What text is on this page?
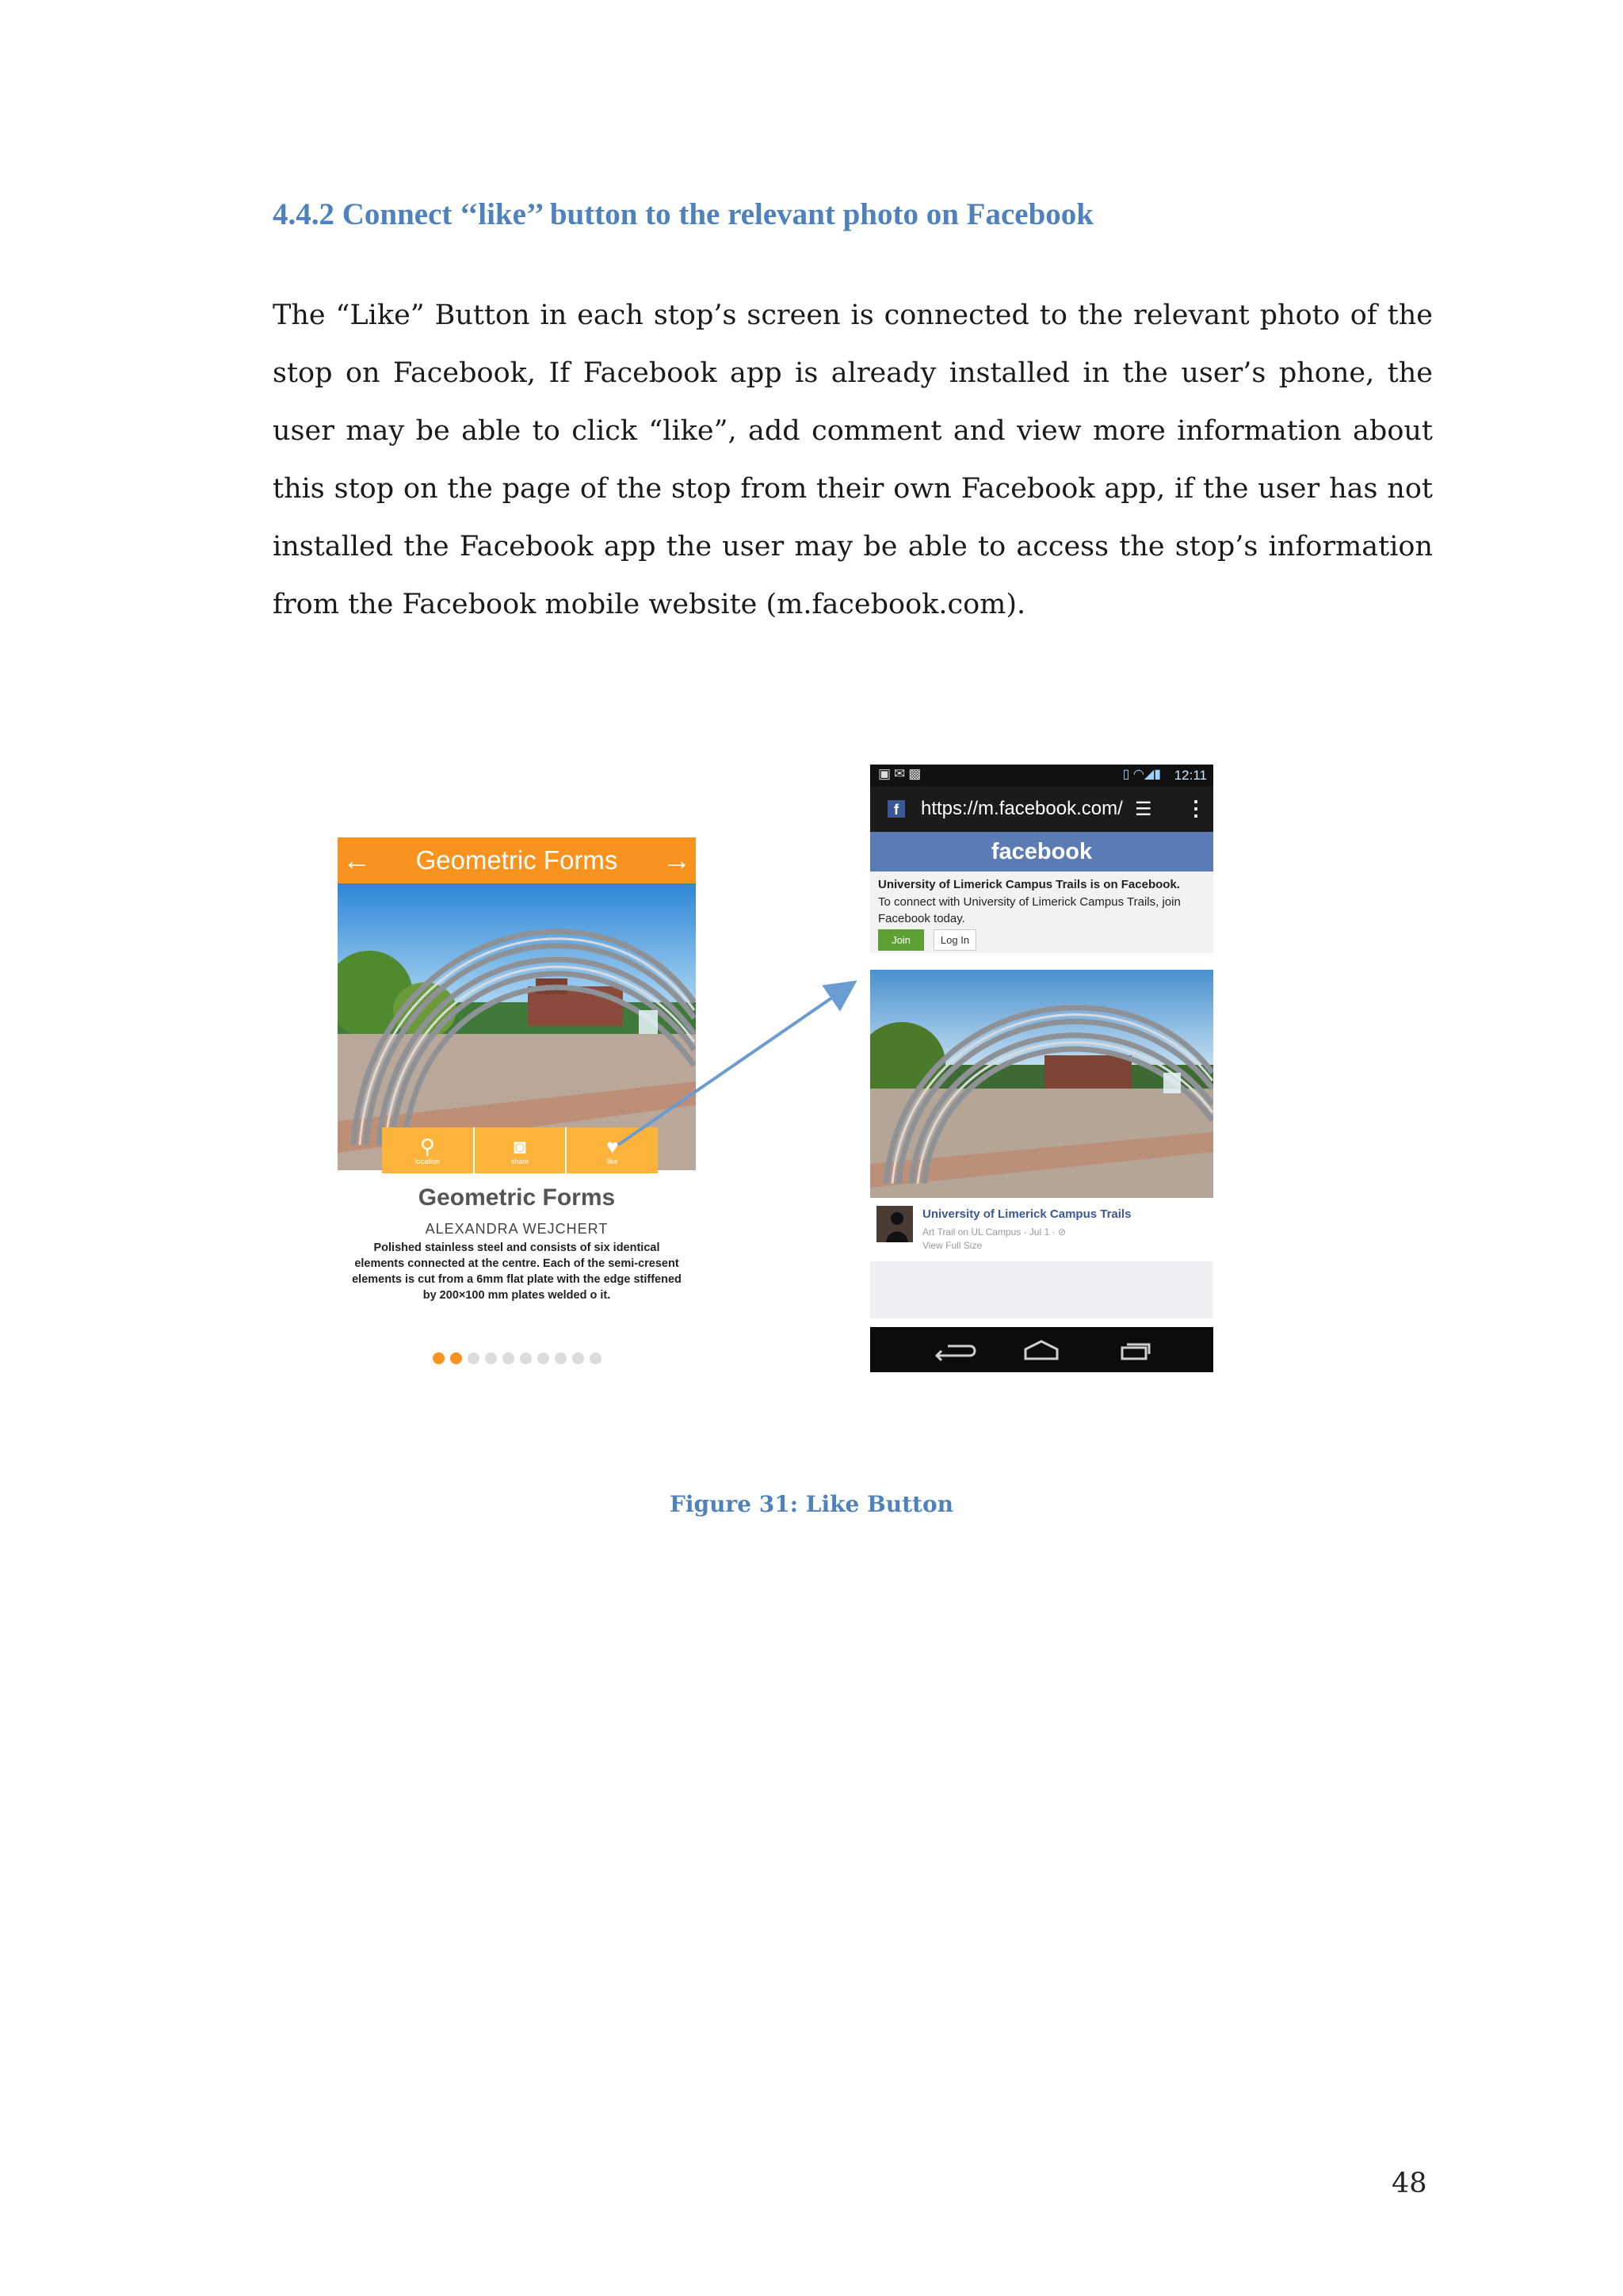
4.4.2 Connect ‘‘like’’ button to the relevant photo on Facebook

The “Like” Button in each stop’s screen is connected to the relevant photo of the stop on Facebook, If Facebook app is already installed in the user’s phone, the user may be able to click “like”, add comment and view more information about this stop on the page of the stop from their own Facebook app, if the user has not installed the Facebook app the user may be able to access the stop’s information from the Facebook mobile website (m.facebook.com).

← Geometric Forms →
⚲
location
◙
share
♥
like
Geometric Forms
ALEXANDRA WEJCHERT

Polished stainless steel and consists of six identical elements connected at the centre. Each of the semi-cresent elements is cut from a 6mm flat plate with the edge stiffened by 200×100 mm plates welded o it.

▣✉▩	▯ ◠◢▮ 12:11
f	https://m.facebook.com/ ☰ ⋮
facebook
University of Limerick Campus Trails is on Facebook.
To connect with University of Limerick Campus Trails, join Facebook today.
Join	Log In
University of Limerick Campus Trails
Art Trail on UL Campus · Jul 1 · ⊘
View Full Size

Figure 31: Like Button

48
